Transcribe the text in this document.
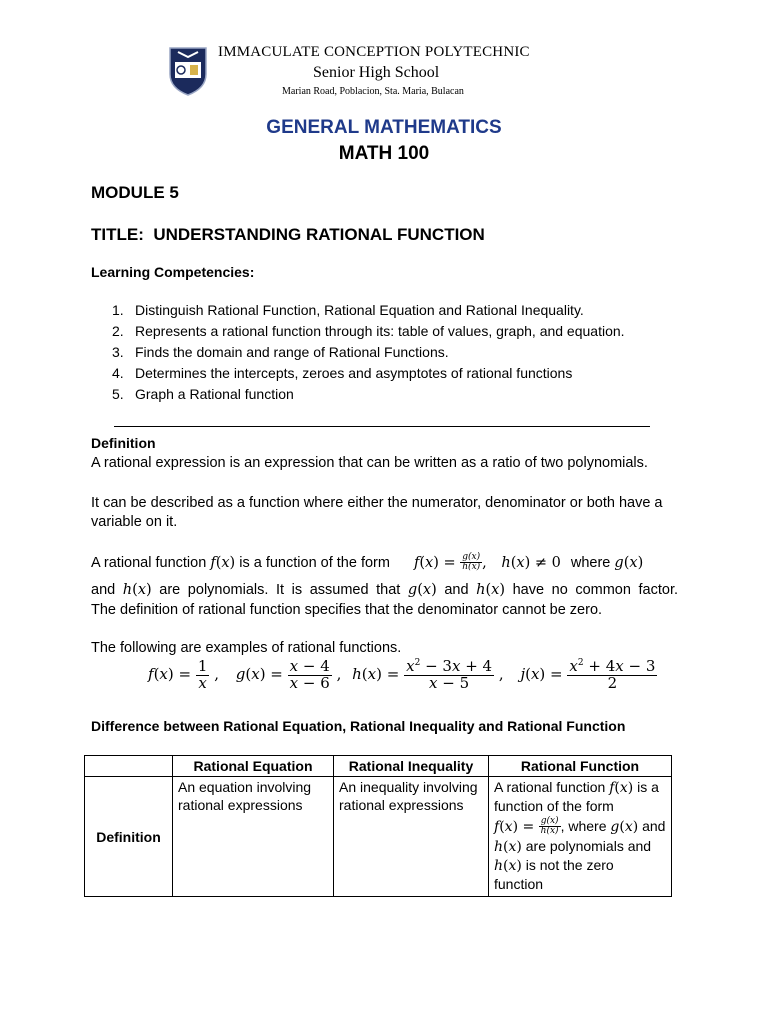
IMMACULATE CONCEPTION POLYTECHNIC
Senior High School
Marian Road, Poblacion, Sta. Maria, Bulacan
GENERAL MATHEMATICS
MATH 100
MODULE 5
TITLE:  UNDERSTANDING RATIONAL FUNCTION
Learning Competencies:
1. Distinguish Rational Function, Rational Equation and Rational Inequality.
2. Represents a rational function through its: table of values, graph, and equation.
3. Finds the domain and range of Rational Functions.
4. Determines the intercepts, zeroes and asymptotes of rational functions
5. Graph a Rational function
Definition
A rational expression is an expression that can be written as a ratio of two polynomials.
It can be described as a function where either the numerator, denominator or both have a variable on it.
A rational function f(x) is a function of the form $f(x) = \frac{g(x)}{h(x)}$ , h(x) ≠ 0 where g(x)
and h(x) are polynomials. It is assumed that g(x) and h(x) have no common factor.
The definition of rational function specifies that the denominator cannot be zero.
The following are examples of rational functions.
$f(x) = \frac{1}{x}$ , $g(x) = \frac{x - 4}{x - 6}$ , $h(x) = \frac{x^2 - 3x + 4}{x - 5}$ , $j(x) = \frac{x^2 + 4x - 3}{2}$
Difference between Rational Equation, Rational Inequality and Rational Function
	Rational Equation	Rational Inequality	Rational Function
Definition	An equation involving rational expressions	An inequality involving rational expressions	A rational function f(x) is a function of the form $f(x) = \frac{g(x)}{h(x)}$ , where g(x) and h(x) are polynomials and h(x) is not the zero function
